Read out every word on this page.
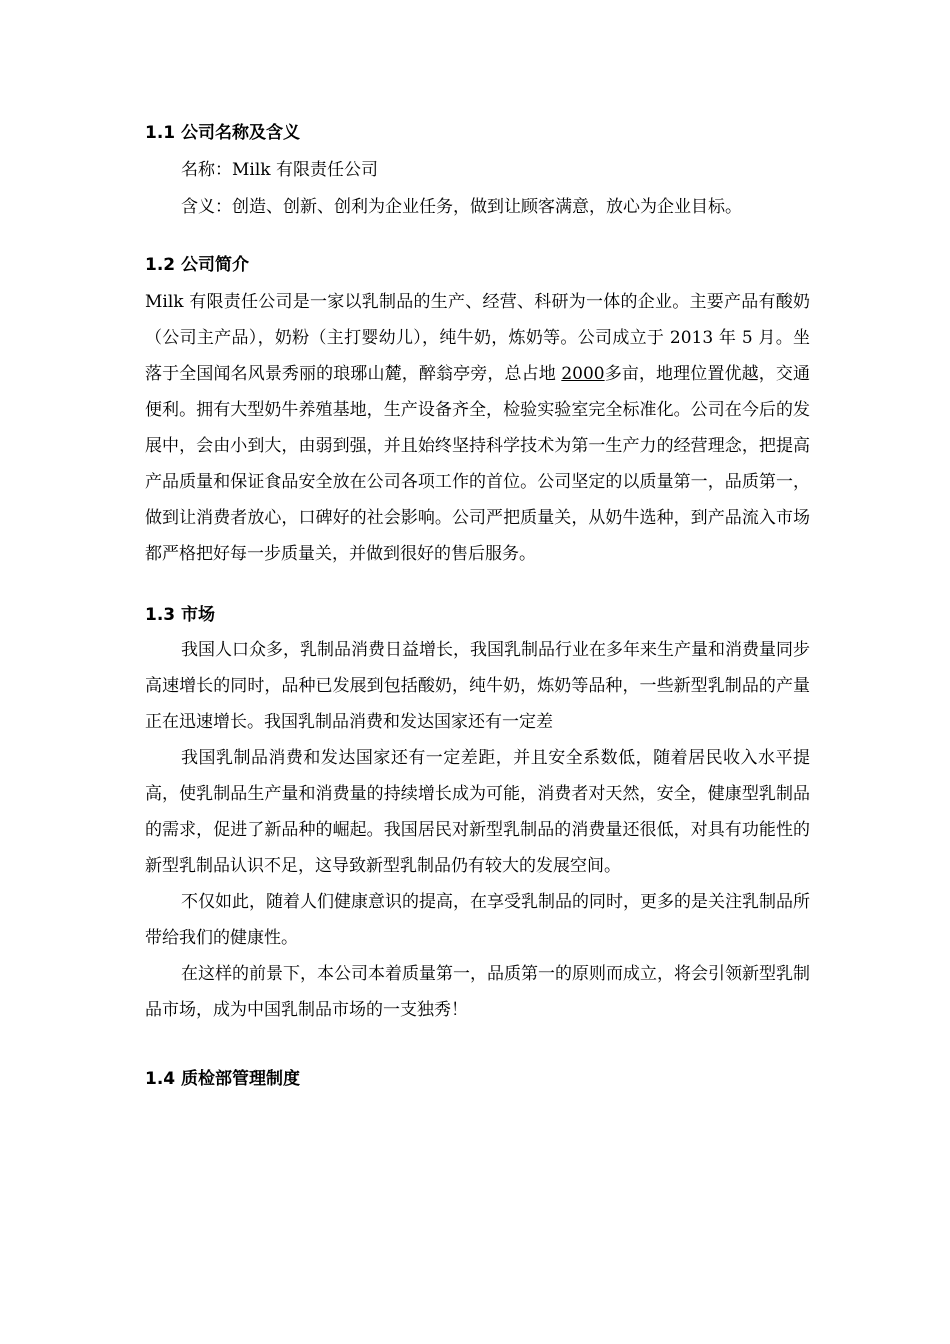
1.1 公司名称及含义

名称：Milk 有限责任公司

含义：创造、创新、创利为企业任务，做到让顾客满意，放心为企业目标。

1.2 公司简介

Milk 有限责任公司是一家以乳制品的生产、经营、科研为一体的企业。主要产品有酸奶（公司主产品），奶粉（主打婴幼儿），纯牛奶，炼奶等。公司成立于 2013 年 5 月。坐落于全国闻名风景秀丽的琅琊山麓，醉翁亭旁，总占地 2000多亩，地理位置优越，交通便利。拥有大型奶牛养殖基地，生产设备齐全，检验实验室完全标准化。公司在今后的发展中，会由小到大，由弱到强，并且始终坚持科学技术为第一生产力的经营理念，把提高产品质量和保证食品安全放在公司各项工作的首位。公司坚定的以质量第一，品质第一，做到让消费者放心，口碑好的社会影响。公司严把质量关，从奶牛选种，到产品流入市场都严格把好每一步质量关，并做到很好的售后服务。

1.3 市场

我国人口众多，乳制品消费日益增长，我国乳制品行业在多年来生产量和消费量同步高速增长的同时，品种已发展到包括酸奶，纯牛奶，炼奶等品种，一些新型乳制品的产量正在迅速增长。我国乳制品消费和发达国家还有一定差

我国乳制品消费和发达国家还有一定差距，并且安全系数低，随着居民收入水平提高，使乳制品生产量和消费量的持续增长成为可能，消费者对天然，安全，健康型乳制品的需求，促进了新品种的崛起。我国居民对新型乳制品的消费量还很低，对具有功能性的新型乳制品认识不足，这导致新型乳制品仍有较大的发展空间。

不仅如此，随着人们健康意识的提高，在享受乳制品的同时，更多的是关注乳制品所带给我们的健康性。

在这样的前景下，本公司本着质量第一，品质第一的原则而成立，将会引领新型乳制品市场，成为中国乳制品市场的一支独秀！

1.4 质检部管理制度
